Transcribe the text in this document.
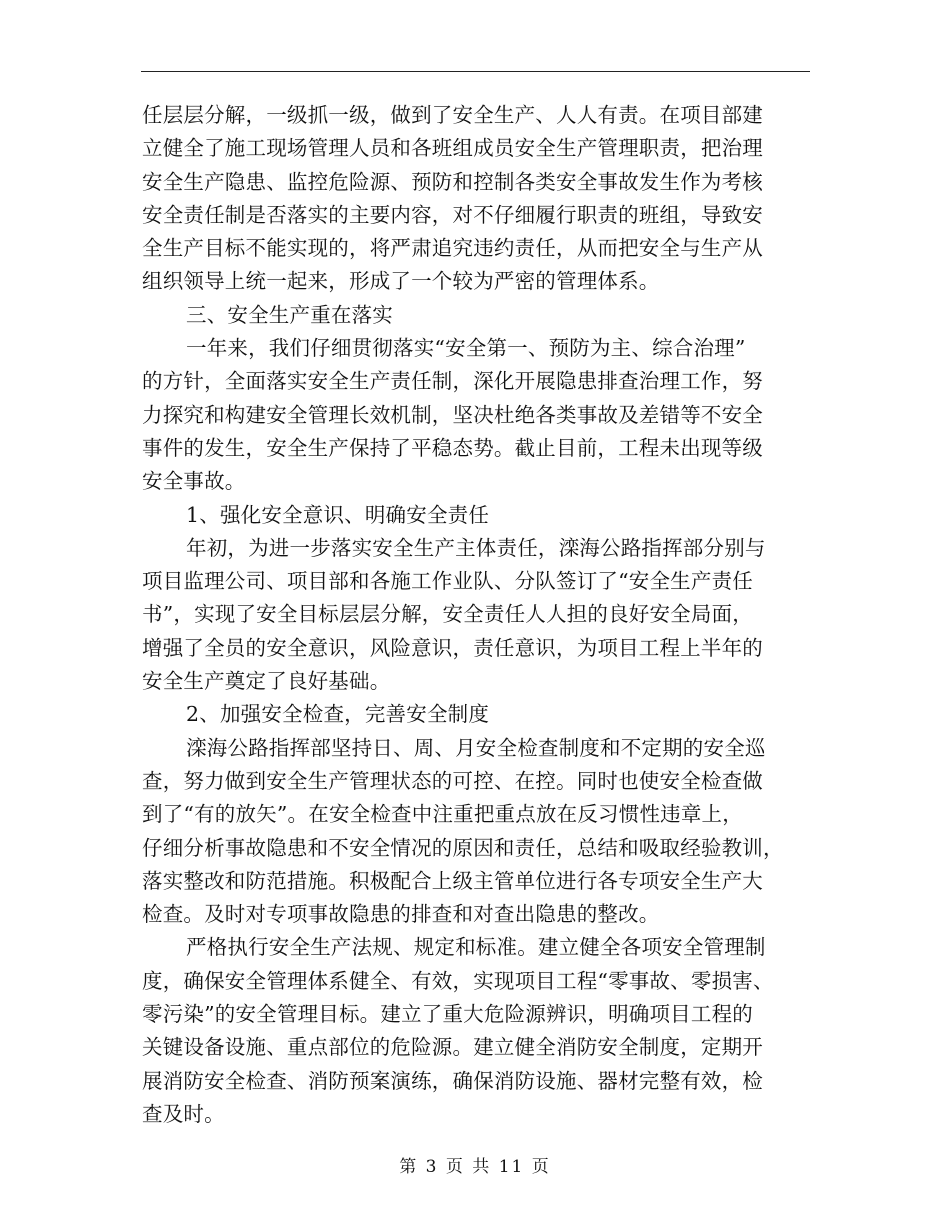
任层层分解，一级抓一级，做到了安全生产、人人有责。在项目部建
立健全了施工现场管理人员和各班组成员安全生产管理职责，把治理
安全生产隐患、监控危险源、预防和控制各类安全事故发生作为考核
安全责任制是否落实的主要内容，对不仔细履行职责的班组，导致安
全生产目标不能实现的，将严肃追究违约责任，从而把安全与生产从
组织领导上统一起来，形成了一个较为严密的管理体系。
三、安全生产重在落实
一年来，我们仔细贯彻落实“安全第一、预防为主、综合治理”
的方针，全面落实安全生产责任制，深化开展隐患排查治理工作，努
力探究和构建安全管理长效机制，坚决杜绝各类事故及差错等不安全
事件的发生，安全生产保持了平稳态势。截止目前，工程未出现等级
安全事故。
1、强化安全意识、明确安全责任
年初，为进一步落实安全生产主体责任，滦海公路指挥部分别与
项目监理公司、项目部和各施工作业队、分队签订了“安全生产责任
书”，实现了安全目标层层分解，安全责任人人担的良好安全局面，
增强了全员的安全意识，风险意识，责任意识，为项目工程上半年的
安全生产奠定了良好基础。
2、加强安全检查，完善安全制度
滦海公路指挥部坚持日、周、月安全检查制度和不定期的安全巡
查，努力做到安全生产管理状态的可控、在控。同时也使安全检查做
到了“有的放矢”。在安全检查中注重把重点放在反习惯性违章上，
仔细分析事故隐患和不安全情况的原因和责任，总结和吸取经验教训，
落实整改和防范措施。积极配合上级主管单位进行各专项安全生产大
检查。及时对专项事故隐患的排查和对查出隐患的整改。
严格执行安全生产法规、规定和标准。建立健全各项安全管理制
度，确保安全管理体系健全、有效，实现项目工程“零事故、零损害、
零污染”的安全管理目标。建立了重大危险源辨识，明确项目工程的
关键设备设施、重点部位的危险源。建立健全消防安全制度，定期开
展消防安全检查、消防预案演练，确保消防设施、器材完整有效，检
查及时。
第 3 页 共 11 页
